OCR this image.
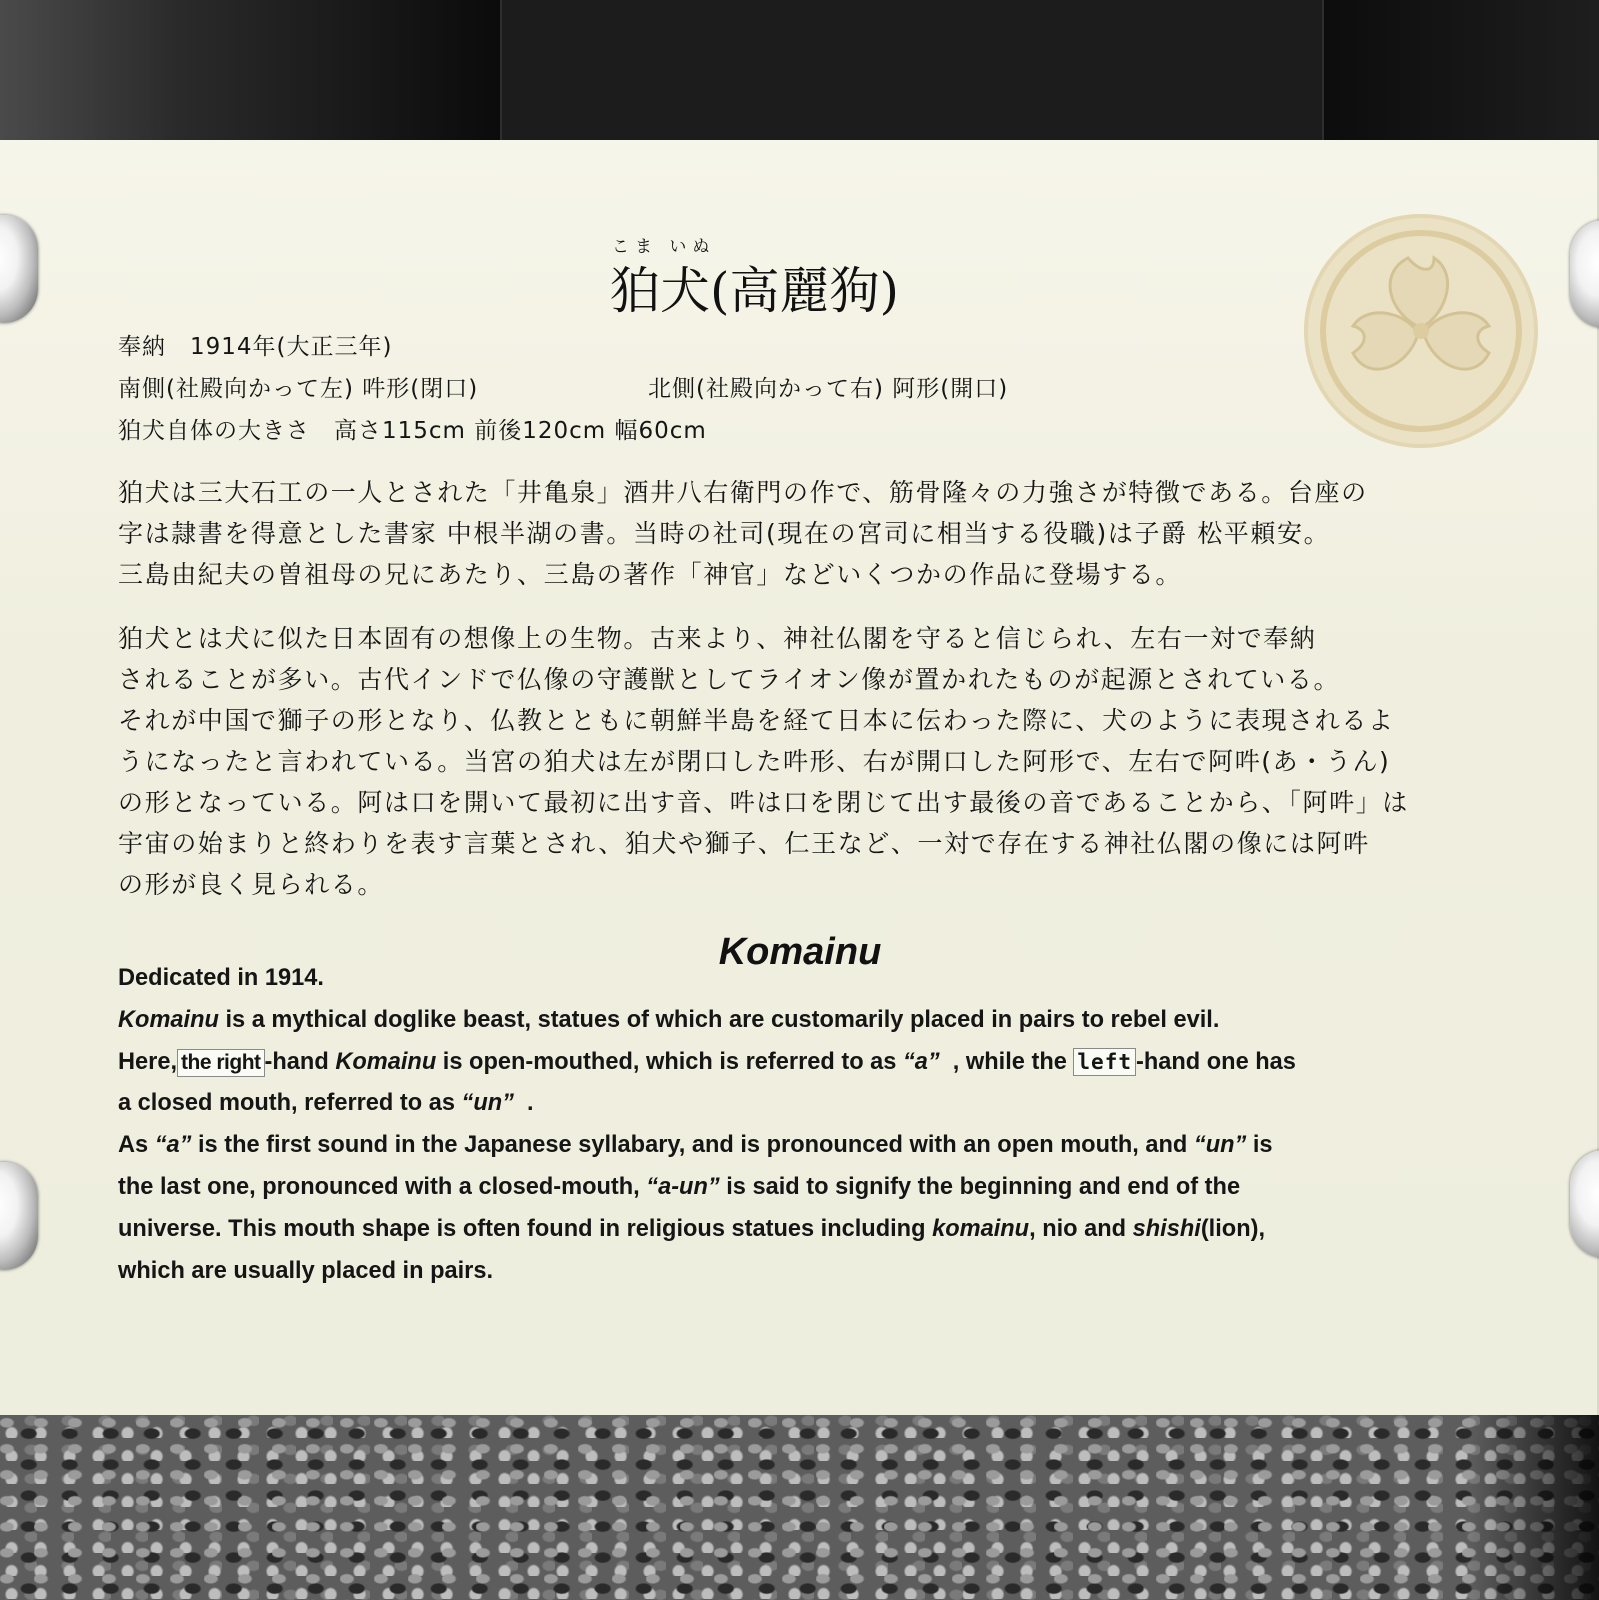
こま いぬ
狛犬(高麗狗)
奉納　1914年(大正三年)
南側(社殿向かって左) 吽形(閉口)	北側(社殿向かって右) 阿形(開口)
狛犬自体の大きさ　高さ115cm 前後120cm 幅60cm
狛犬は三大石工の一人とされた「井亀泉」酒井八右衛門の作で、筋骨隆々の力強さが特徴である。台座の
字は隷書を得意とした書家 中根半湖の書。当時の社司(現在の宮司に相当する役職)は子爵 松平頼安。
三島由紀夫の曽祖母の兄にあたり、三島の著作「神官」などいくつかの作品に登場する。
狛犬とは犬に似た日本固有の想像上の生物。古来より、神社仏閣を守ると信じられ、左右一対で奉納
されることが多い。古代インドで仏像の守護獣としてライオン像が置かれたものが起源とされている。
それが中国で獅子の形となり、仏教とともに朝鮮半島を経て日本に伝わった際に、犬のように表現されるよ
うになったと言われている。当宮の狛犬は左が閉口した吽形、右が開口した阿形で、左右で阿吽(あ・うん)
の形となっている。阿は口を開いて最初に出す音、吽は口を閉じて出す最後の音であることから、「阿吽」は
宇宙の始まりと終わりを表す言葉とされ、狛犬や獅子、仁王など、一対で存在する神社仏閣の像には阿吽
の形が良く見られる。
Komainu
Dedicated in 1914.
Komainu is a mythical doglike beast, statues of which are customarily placed in pairs to rebel evil.
Here, the right -hand Komainu is open-mouthed, which is referred to as “a”  , while the left -hand one has
a closed mouth, referred to as “un”  .
As “a” is the first sound in the Japanese syllabary, and is pronounced with an open mouth, and “un” is
the last one, pronounced with a closed-mouth, “a-un” is said to signify the beginning and end of the
universe. This mouth shape is often found in religious statues including komainu, nio and shishi(lion),
which are usually placed in pairs.
